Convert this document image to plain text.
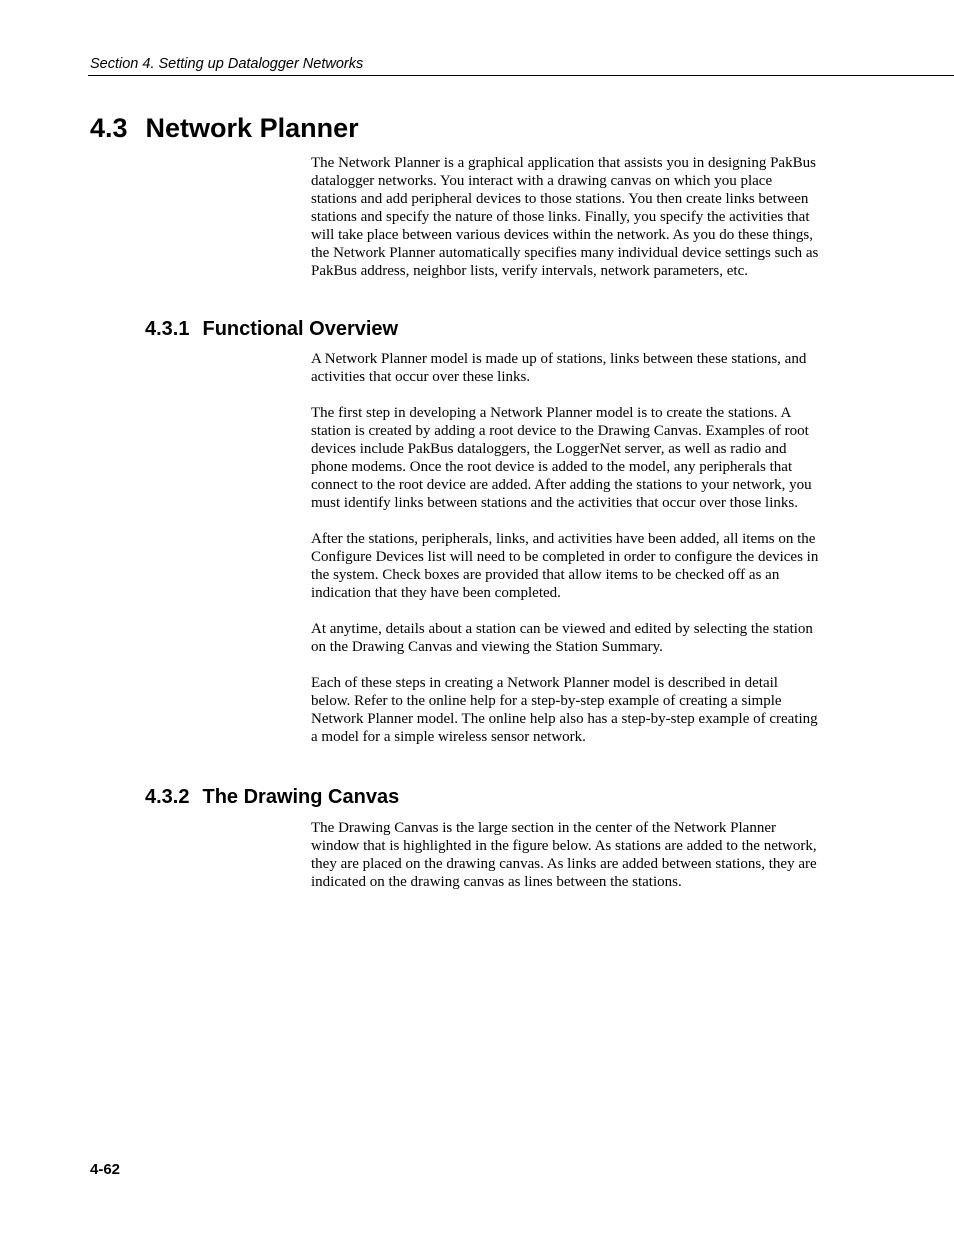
Section 4. Setting up Datalogger Networks
4.3 Network Planner

The Network Planner is a graphical application that assists you in designing PakBus datalogger networks. You interact with a drawing canvas on which you place stations and add peripheral devices to those stations. You then create links between stations and specify the nature of those links. Finally, you specify the activities that will take place between various devices within the network. As you do these things, the Network Planner automatically specifies many individual device settings such as PakBus address, neighbor lists, verify intervals, network parameters, etc.

4.3.1 Functional Overview

A Network Planner model is made up of stations, links between these stations, and activities that occur over these links.

The first step in developing a Network Planner model is to create the stations. A station is created by adding a root device to the Drawing Canvas. Examples of root devices include PakBus dataloggers, the LoggerNet server, as well as radio and phone modems. Once the root device is added to the model, any peripherals that connect to the root device are added. After adding the stations to your network, you must identify links between stations and the activities that occur over those links.

After the stations, peripherals, links, and activities have been added, all items on the Configure Devices list will need to be completed in order to configure the devices in the system. Check boxes are provided that allow items to be checked off as an indication that they have been completed.

At anytime, details about a station can be viewed and edited by selecting the station on the Drawing Canvas and viewing the Station Summary.

Each of these steps in creating a Network Planner model is described in detail below. Refer to the online help for a step-by-step example of creating a simple Network Planner model. The online help also has a step-by-step example of creating a model for a simple wireless sensor network.

4.3.2 The Drawing Canvas

The Drawing Canvas is the large section in the center of the Network Planner window that is highlighted in the figure below. As stations are added to the network, they are placed on the drawing canvas. As links are added between stations, they are indicated on the drawing canvas as lines between the stations.

4-62
